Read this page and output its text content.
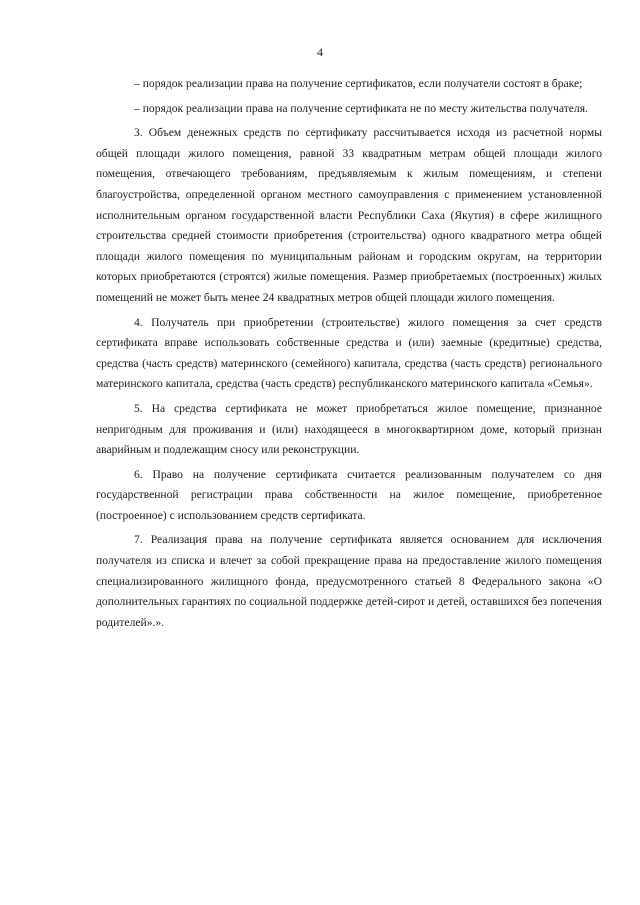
4

– порядок реализации права на получение сертификатов, если получатели состоят в браке;

– порядок реализации права на получение сертификата не по месту жительства получателя.

3. Объем денежных средств по сертификату рассчитывается исходя из расчетной нормы общей площади жилого помещения, равной 33 квадратным метрам общей площади жилого помещения, отвечающего требованиям, предъявляемым к жилым помещениям, и степени благоустройства, определенной органом местного самоуправления с применением установленной исполнительным органом государственной власти Республики Саха (Якутия) в сфере жилищного строительства средней стоимости приобретения (строительства) одного квадратного метра общей площади жилого помещения по муниципальным районам и городским округам, на территории которых приобретаются (строятся) жилые помещения. Размер приобретаемых (построенных) жилых помещений не может быть менее 24 квадратных метров общей площади жилого помещения.

4. Получатель при приобретении (строительстве) жилого помещения за счет средств сертификата вправе использовать собственные средства и (или) заемные (кредитные) средства, средства (часть средств) материнского (семейного) капитала, средства (часть средств) регионального материнского капитала, средства (часть средств) республиканского материнского капитала «Семья».

5. На средства сертификата не может приобретаться жилое помещение, признанное непригодным для проживания и (или) находящееся в многоквартирном доме, который признан аварийным и подлежащим сносу или реконструкции.

6. Право на получение сертификата считается реализованным получателем со дня государственной регистрации права собственности на жилое помещение, приобретенное (построенное) с использованием средств сертификата.

7. Реализация права на получение сертификата является основанием для исключения получателя из списка и влечет за собой прекращение права на предоставление жилого помещения специализированного жилищного фонда, предусмотренного статьей 8 Федерального закона «О дополнительных гарантиях по социальной поддержке детей-сирот и детей, оставшихся без попечения родителей».».
